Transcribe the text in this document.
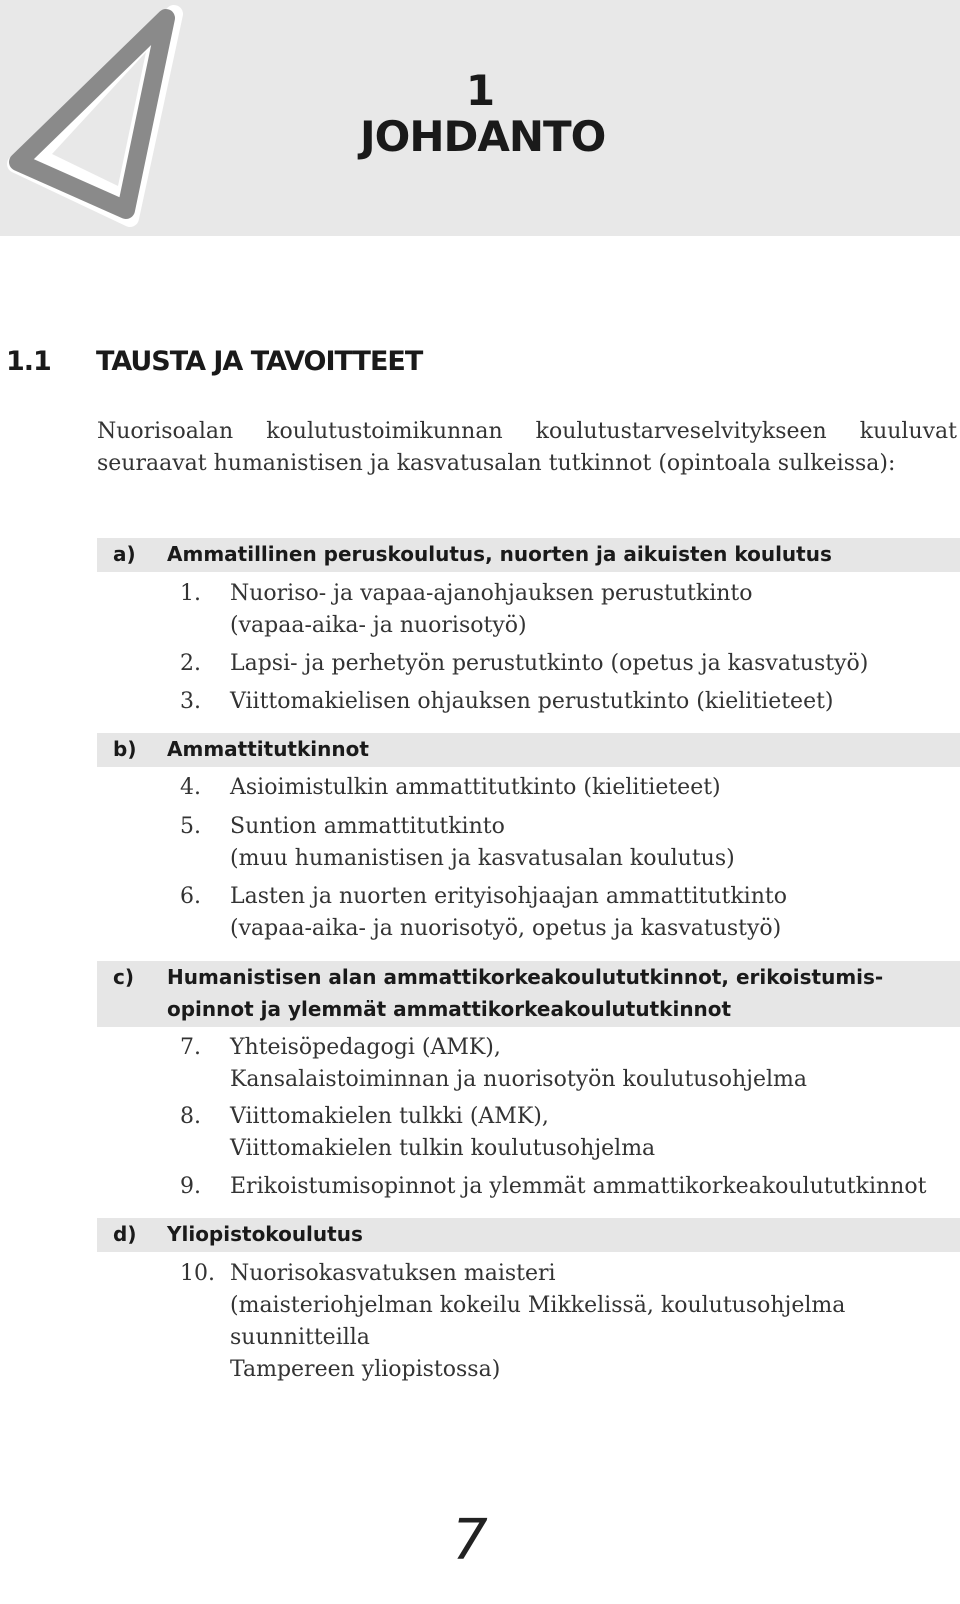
1
JOHDANTO
1.1 TAUSTA JA TAVOITTEET

Nuorisoalan koulutustoimikunnan koulutustarveselvitykseen kuuluvat seuraavat humanistisen ja kasvatusalan tutkinnot (opintoala sulkeissa):

a) Ammatillinen peruskoulutus, nuorten ja aikuisten koulutus
1.	Nuoriso- ja vapaa-ajanohjauksen perustutkinto
(vapaa-aika- ja nuorisotyö)
2.	Lapsi- ja perhetyön perustutkinto (opetus ja kasvatustyö)
3.	Viittomakielisen ohjauksen perustutkinto (kielitieteet)
b) Ammattitutkinnot
4.	Asioimistulkin ammattitutkinto (kielitieteet)
5.	Suntion ammattitutkinto
(muu humanistisen ja kasvatusalan koulutus)
6.	Lasten ja nuorten erityisohjaajan ammattitutkinto
(vapaa-aika- ja nuorisotyö, opetus ja kasvatustyö)
c) Humanistisen alan ammattikorkeakoulututkinnot, erikoistumis-
opinnot ja ylemmät ammattikorkeakoulututkinnot
7.	Yhteisöpedagogi (AMK),
Kansalaistoiminnan ja nuorisotyön koulutusohjelma
8.	Viittomakielen tulkki (AMK),
Viittomakielen tulkin koulutusohjelma
9.	Erikoistumisopinnot ja ylemmät ammattikorkeakoulututkinnot
d) Yliopistokoulutus
10. Nuorisokasvatuksen maisteri
(maisteriohjelman kokeilu Mikkelissä, koulutusohjelma suunnitteilla
Tampereen yliopistossa)
7
